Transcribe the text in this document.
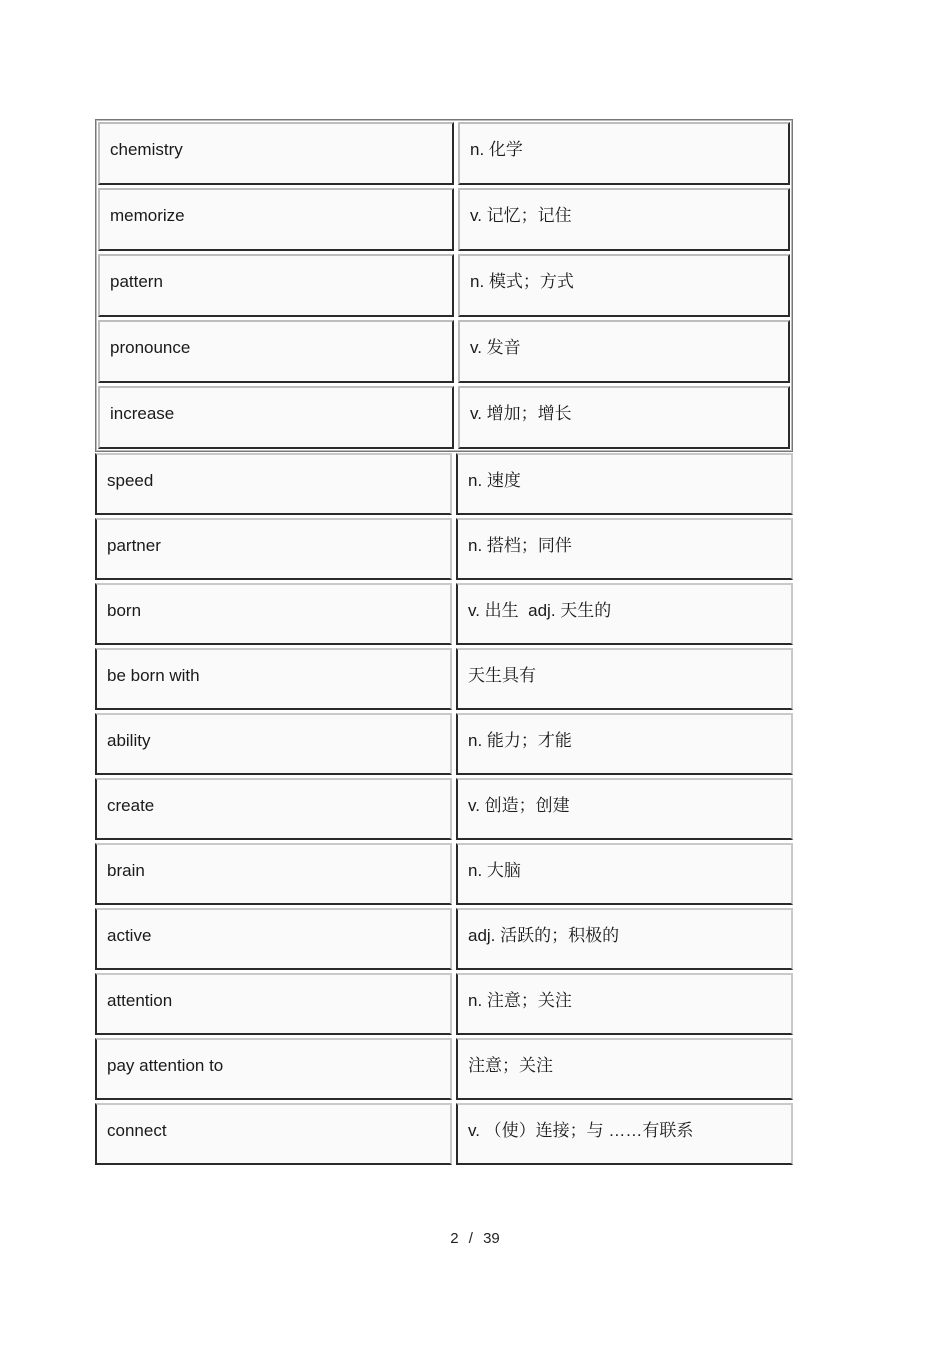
chemistry	n. 化学
memorize	v. 记忆；记住
pattern	n. 模式；方式
pronounce	v. 发音
increase	v. 增加；增长
speed	n. 速度
partner	n. 搭档；同伴
born	v. 出生  adj. 天生的
be born with	天生具有
ability	n. 能力；才能
create	v. 创造；创建
brain	n. 大脑
active	adj. 活跃的；积极的
attention	n. 注意；关注
pay attention to	注意；关注
connect	v. （使）连接；与 ……有联系
2 / 39
